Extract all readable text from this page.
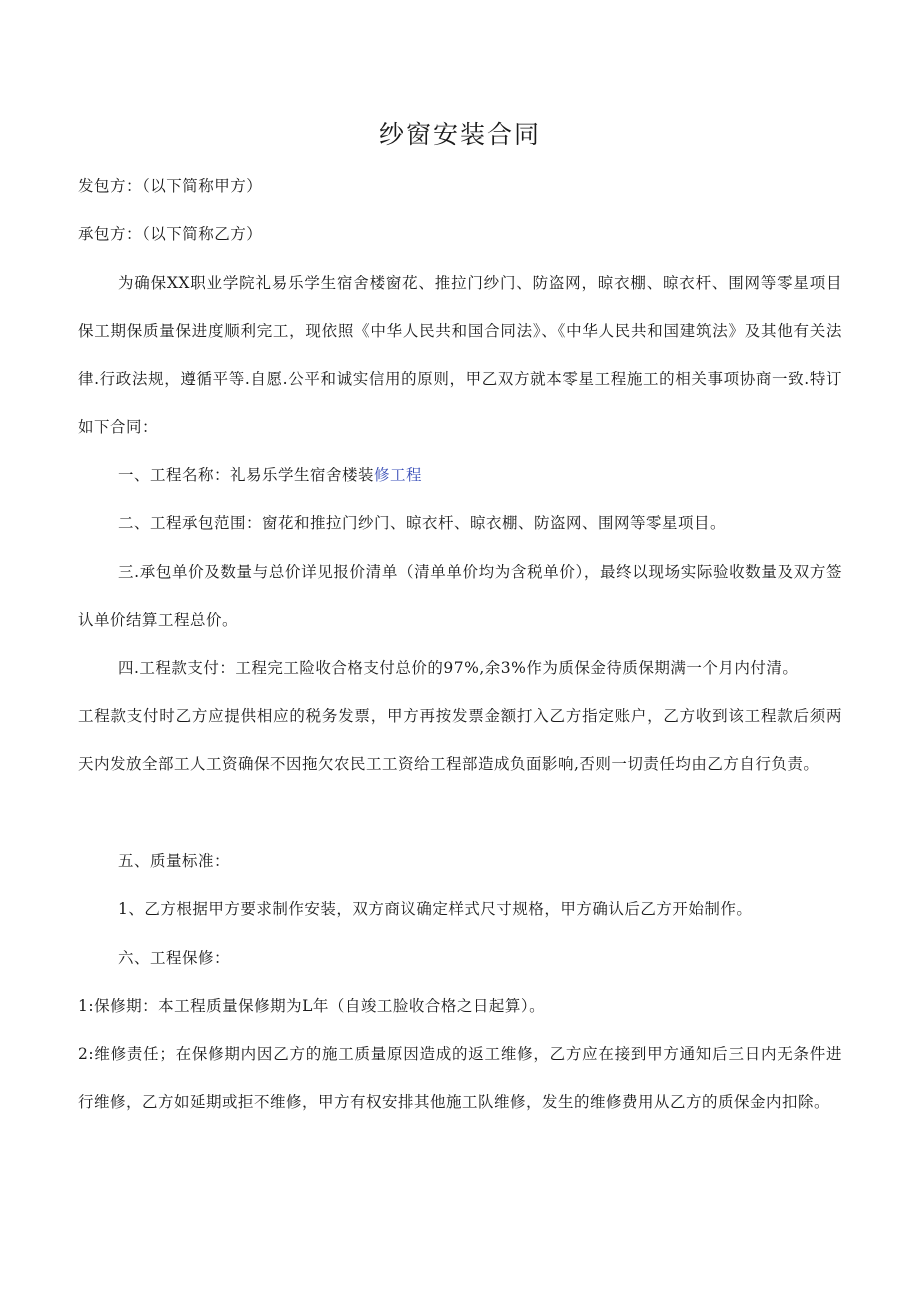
纱窗安装合同

发包方：（以下简称甲方）

承包方：（以下简称乙方）

为确保XX职业学院礼易乐学生宿舍楼窗花、推拉门纱门、防盗网，晾衣棚、晾衣杆、围网等零星项目保工期保质量保进度顺利完工，现依照《中华人民共和国合同法》、《中华人民共和国建筑法》及其他有关法律.行政法规，遵循平等.自愿.公平和诚实信用的原则，甲乙双方就本零星工程施工的相关事项协商一致.特订如下合同：

一、工程名称：礼易乐学生宿舍楼装修工程

二、工程承包范围：窗花和推拉门纱门、晾衣杆、晾衣棚、防盗网、围网等零星项目。

三.承包单价及数量与总价详见报价清单（清单单价均为含税单价），最终以现场实际验收数量及双方签认单价结算工程总价。

四.工程款支付：工程完工险收合格支付总价的97%,余3%作为质保金待质保期满一个月内付清。

工程款支付时乙方应提供相应的税务发票，甲方再按发票金额打入乙方指定账户，乙方收到该工程款后须两天内发放全部工人工资确保不因拖欠农民工工资给工程部造成负面影响,否则一切责任均由乙方自行负责。

五、质量标准：

1、乙方根据甲方要求制作安装，双方商议确定样式尺寸规格，甲方确认后乙方开始制作。

六、工程保修：

1:保修期：本工程质量保修期为L年（自竣工脸收合格之日起算）。

2:维修责任；在保修期内因乙方的施工质量原因造成的返工维修，乙方应在接到甲方通知后三日内无条件进行维修，乙方如延期或拒不维修，甲方有权安排其他施工队维修，发生的维修费用从乙方的质保金内扣除。
